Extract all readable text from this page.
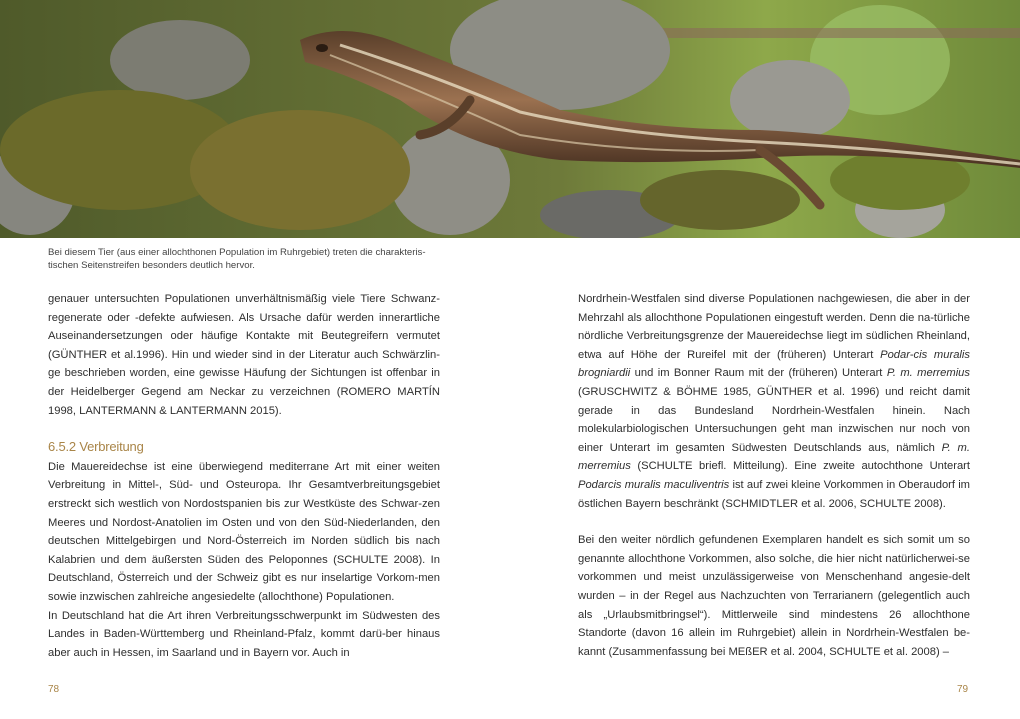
Bei diesem Tier (aus einer allochthonen Population im Ruhrgebiet) treten die charakteris-tischen Seitenstreifen besonders deutlich hervor.

genauer untersuchten Populationen unverhältnismäßig viele Tiere Schwanz-regenerate oder -defekte aufwiesen. Als Ursache dafür werden innerartliche Auseinandersetzungen oder häufige Kontakte mit Beutegreifern vermutet (GÜNTHER et al.1996). Hin und wieder sind in der Literatur auch Schwärzlin-ge beschrieben worden, eine gewisse Häufung der Sichtungen ist offenbar in der Heidelberger Gegend am Neckar zu verzeichnen (ROMERO MARTÍN 1998, LANTERMANN & LANTERMANN 2015).

6.5.2 Verbreitung

Die Mauereidechse ist eine überwiegend mediterrane Art mit einer weiten Verbreitung in Mittel-, Süd- und Osteuropa. Ihr Gesamtverbreitungsgebiet erstreckt sich westlich von Nordostspanien bis zur Westküste des Schwar-zen Meeres und Nordost-Anatolien im Osten und von den Süd-Niederlanden, den deutschen Mittelgebirgen und Nord-Österreich im Norden südlich bis nach Kalabrien und dem äußersten Süden des Peloponnes (SCHULTE 2008). In Deutschland, Österreich und der Schweiz gibt es nur inselartige Vorkom-men sowie inzwischen zahlreiche angesiedelte (allochthone) Populationen.

In Deutschland hat die Art ihren Verbreitungsschwerpunkt im Südwesten des Landes in Baden-Württemberg und Rheinland-Pfalz, kommt darü-ber hinaus aber auch in Hessen, im Saarland und in Bayern vor. Auch in

Nordrhein-Westfalen sind diverse Populationen nachgewiesen, die aber in der Mehrzahl als allochthone Populationen eingestuft werden. Denn die na-türliche nördliche Verbreitungsgrenze der Mauereidechse liegt im südlichen Rheinland, etwa auf Höhe der Rureifel mit der (früheren) Unterart Podar-cis muralis brogniardii und im Bonner Raum mit der (früheren) Unterart P. m. merremius (GRUSCHWITZ & BÖHME 1985, GÜNTHER et al. 1996) und reicht damit gerade in das Bundesland Nordrhein-Westfalen hinein. Nach molekularbiologischen Untersuchungen geht man inzwischen nur noch von einer Unterart im gesamten Südwesten Deutschlands aus, nämlich P. m. merremius (SCHULTE briefl. Mitteilung). Eine zweite autochthone Unterart Podarcis muralis maculiventris ist auf zwei kleine Vorkommen in Oberaudorf im östlichen Bayern beschränkt (SCHMIDTLER et al. 2006, SCHULTE 2008).

Bei den weiter nördlich gefundenen Exemplaren handelt es sich somit um so genannte allochthone Vorkommen, also solche, die hier nicht natürlicherwei-se vorkommen und meist unzulässigerweise von Menschenhand angesie-delt wurden – in der Regel aus Nachzuchten von Terrarianern (gelegentlich auch als „Urlaubsmitbringsel“). Mittlerweile sind mindestens 26 allochthone Standorte (davon 16 allein im Ruhrgebiet) allein in Nordrhein-Westfalen be-kannt (Zusammenfassung bei MEßER et al. 2004, SCHULTE et al. 2008) –

78	79
